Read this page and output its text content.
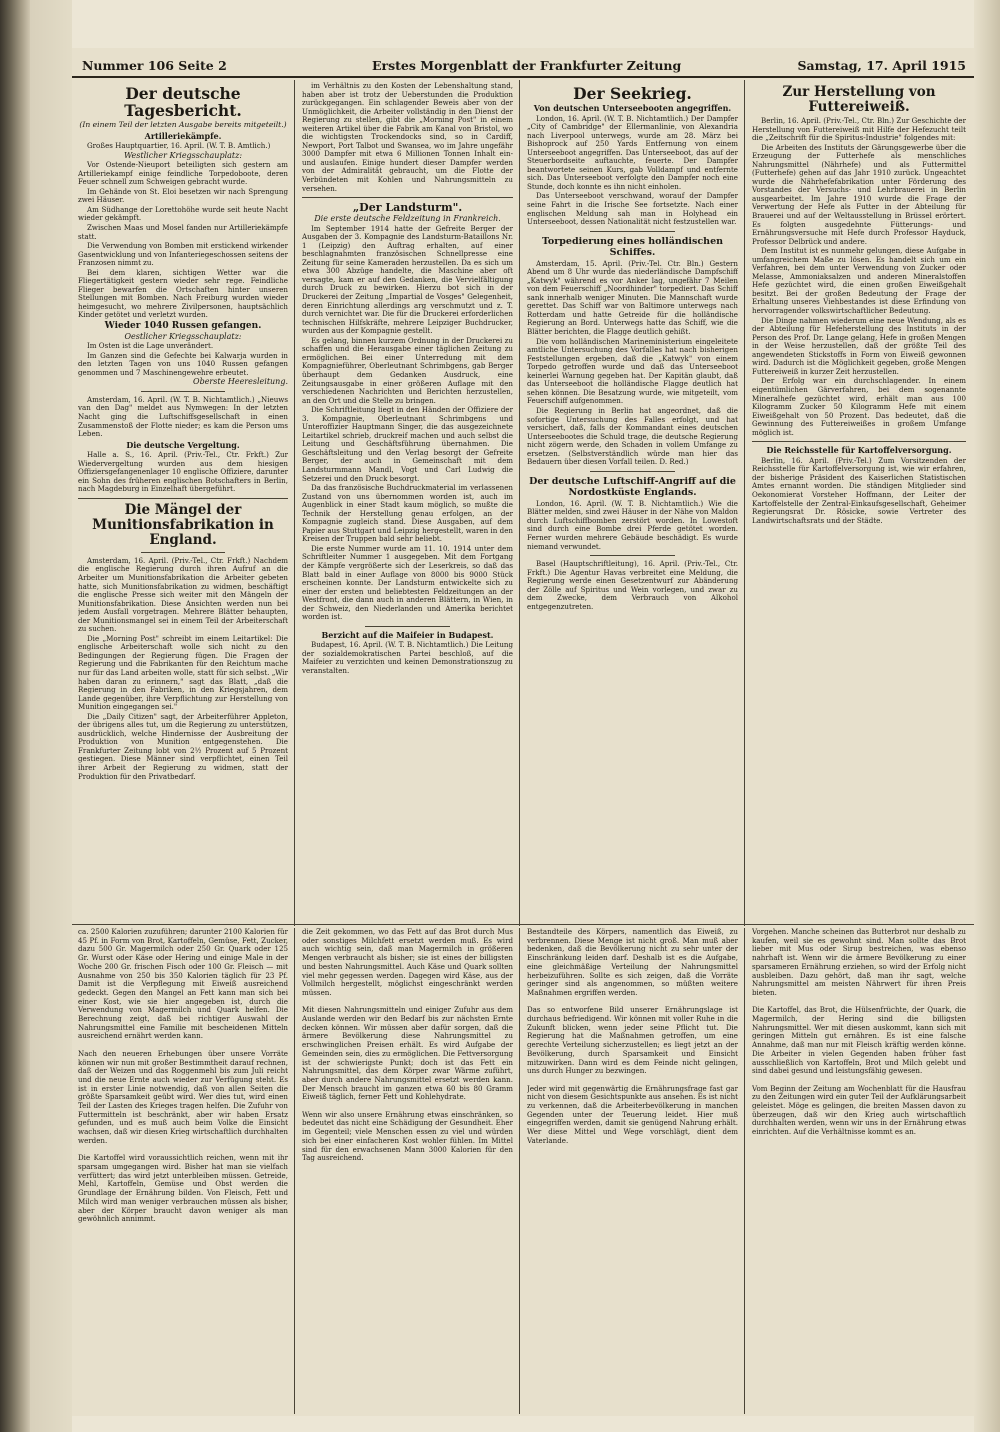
Nummer 106 Seite 2	Erstes Morgenblatt der Frankfurter Zeitung	Samstag, 17. April 1915
Der deutsche Tagesbericht.
(In einem Teil der letzten Ausgabe bereits mitgeteilt.)
Artilleriekämpfe.

Großes Hauptquartier, 16. April. (W. T. B. Amtlich.)

Westlicher Kriegsschauplatz:

Vor Ostende-Nieuport beteiligten sich gestern am Artilleriekampf einige feindliche Torpedoboote, deren Feuer schnell zum Schweigen gebracht wurde.

Im Gehände von St. Eloi besetzen wir nach Sprengung zwei Häuser.

Am Südhange der Lorettohöhe wurde seit heute Nacht wieder gekämpft.

Zwischen Maas und Mosel fanden nur Artilleriekämpfe statt.

Die Verwendung von Bomben mit erstickend wirkender Gasentwicklung und von Infanteriegeschossen seitens der Franzosen nimmt zu.

Bei dem klaren, sichtigen Wetter war die Fliegertätigkeit gestern wieder sehr rege. Feindliche Flieger bewarfen die Ortschaften hinter unseren Stellungen mit Bomben. Nach Freiburg wurden wieder heimgesucht, wo mehrere Zivilpersonen, hauptsächlich Kinder getötet und verletzt wurden.

Wieder 1040 Russen gefangen.
Oestlicher Kriegsschauplatz:

Im Osten ist die Lage unverändert.

Im Ganzen sind die Gefechte bei Kalwarja wurden in den letzten Tagen von uns 1040 Russen gefangen genommen und 7 Maschinengewehre erbeutet.

Oberste Heeresleitung.

Amsterdam, 16. April. (W. T. B. Nichtamtlich.) „Nieuws van den Dag" meldet aus Nymwegen: In der letzten Nacht ging die Luftschiffsgesellschaft in einen Zusammenstoß der Flotte nieder; es kam die Person ums Leben.

Die deutsche Vergeltung.

Halle a. S., 16. April. (Priv.-Tel., Ctr. Frkft.) Zur Wiedervergeltung wurden aus dem hiesigen Offiziersgefangenenlager 10 englische Offiziere, darunter ein Sohn des früheren englischen Botschafters in Berlin, nach Magdeburg in Einzelhaft übergeführt.

Die Mängel der Munitionsfabrikation in England.

Amsterdam, 16. April. (Priv.-Tel., Ctr. Frkft.) Nachdem die englische Regierung durch ihren Aufruf an die Arbeiter um Munitionsfabrikation die Arbeiter gebeten hatte, sich Munitionsfabrikation zu widmen, beschäftigt die englische Presse sich weiter mit den Mängeln der Munitionsfabrikation. Diese Ansichten werden nun bei jedem Ausfall vorgetragen. Mehrere Blätter behaupten, der Munitionsmangel sei in einem Teil der Arbeiterschaft zu suchen.

Die „Morning Post" schreibt im einem Leitartikel: Die englische Arbeiterschaft wolle sich nicht zu den Bedingungen der Regierung fügen. Die Fragen der Regierung und die Fabrikanten für den Reichtum mache nur für das Land arbeiten wolle, statt für sich selbst. „Wir haben daran zu erinnern," sagt das Blatt, „daß die Regierung in den Fabriken, in den Kriegsjahren, dem Lande gegenüber, ihre Verpflichtung zur Herstellung von Munition eingegangen sei."

Die „Daily Citizen" sagt, der Arbeiterführer Appleton, der übrigens alles tut, um die Regierung zu unterstützen, ausdrücklich, welche Hindernisse der Ausbreitung der Produktion von Munition entgegenstehen. Die Frankfurter Zeitung lobt von 2½ Prozent auf 5 Prozent gestiegen. Diese Männer sind verpflichtet, einen Teil ihrer Arbeit der Regierung zu widmen, statt der Produktion für den Privatbedarf.

im Verhältnis zu den Kosten der Lebenshaltung stand, haben aber ist trotz der Ueberstunden die Produktion zurückgegangen. Ein schlagender Beweis aber von der Unmöglichkeit, die Arbeiter vollständig in den Dienst der Regierung zu stellen, gibt die „Morning Post" in einem weiteren Artikel über die Fabrik am Kanal von Bristol, wo die wichtigsten Trockendocks sind, so in Cardiff, Newport, Port Talbot und Swansea, wo im Jahre ungefähr 3000 Dampfer mit etwa 6 Millionen Tonnen Inhalt ein- und auslaufen. Einige hundert dieser Dampfer werden von der Admiralität gebraucht, um die Flotte der Verbündeten mit Kohlen und Nahrungsmitteln zu versehen.

„Der Landsturm".
Die erste deutsche Feldzeitung in Frankreich.

Im September 1914 hatte der Gefreite Berger der Ausgaben der 3. Kompagnie des Landsturm-Bataillons Nr. 1 (Leipzig) den Auftrag erhalten, auf einer beschlagnahmten französischen Schnellpresse eine Zeitung für seine Kameraden herzustellen. Da es sich um etwa 300 Abzüge handelte, die Maschine aber oft versagte, kam er auf den Gedanken, die Vervielfältigung durch Druck zu bewirken. Hierzu bot sich in der Druckerei der Zeitung „Impartial de Vosges" Gelegenheit, deren Einrichtung allerdings arg verschmutzt und z. T. durch vernichtet war. Die für die Druckerei erforderlichen technischen Hilfskräfte, mehrere Leipziger Buchdrucker, wurden aus der Kompagnie gestellt.

Es gelang, binnen kurzem Ordnung in der Druckerei zu schaffen und die Herausgabe einer täglichen Zeitung zu ermöglichen. Bei einer Unterredung mit dem Kompagnieführer, Oberleutnant Schrimbgens, gab Berger überhaupt dem Gedanken Ausdruck, eine Zeitungsausgabe in einer größeren Auflage mit den verschiedenen Nachrichten und Berichten herzustellen, an den Ort und die Stelle zu bringen.

Die Schriftleitung liegt in den Händen der Offiziere der 3. Kompagnie, Oberleutnant Schrimbgens und Unteroffizier Hauptmann Singer, die das ausgezeichnete Leitartikel schrieb, druckreif machen und auch selbst die Leitung und Geschäftsführung übernahmen. Die Geschäftsleitung und den Verlag besorgt der Gefreite Berger, der auch in Gemeinschaft mit dem Landsturmmann Mandl, Vogt und Carl Ludwig die Setzerei und den Druck besorgt.

Da das französische Buchdruckmaterial im verlassenen Zustand von uns übernommen worden ist, auch im Augenblick in einer Stadt kaum möglich, so mußte die Technik der Herstellung genau erfolgen, an der Kompagnie zugleich stand. Diese Ausgaben, auf dem Papier aus Stuttgart und Leipzig hergestellt, waren in den Kreisen der Truppen bald sehr beliebt.

Die erste Nummer wurde am 11. 10. 1914 unter dem Schriftleiter Nummer 1 ausgegeben. Mit dem Fortgang der Kämpfe vergrößerte sich der Leserkreis, so daß das Blatt bald in einer Auflage von 8000 bis 9000 Stück erscheinen konnte. Der Landsturm entwickelte sich zu einer der ersten und beliebtesten Feldzeitungen an der Westfront, die dann auch in anderen Blättern, in Wien, in der Schweiz, den Niederlanden und Amerika berichtet worden ist.

Berzicht auf die Maifeier in Budapest.

Budapest, 16. April. (W. T. B. Nichtamtlich.) Die Leitung der sozialdemokratischen Partei beschloß, auf die Maifeier zu verzichten und keinen Demonstrationszug zu veranstalten.

Der Seekrieg.
Von deutschen Unterseebooten angegriffen.

London, 16. April. (W. T. B. Nichtamtlich.) Der Dampfer „City of Cambridge" der Ellermanlinie, von Alexandria nach Liverpool unterwegs, wurde am 28. März bei Bishoprock auf 250 Yards Entfernung von einem Unterseeboot angegriffen. Das Unterseeboot, das auf der Steuerbordseite auftauchte, feuerte. Der Dampfer beantwortete seinen Kurs, gab Volldampf und entfernte sich. Das Unterseeboot verfolgte den Dampfer noch eine Stunde, doch konnte es ihn nicht einholen.

Das Unterseeboot verschwand, worauf der Dampfer seine Fahrt in die Irische See fortsetzte. Nach einer englischen Meldung sah man in Holyhead ein Unterseeboot, dessen Nationalität nicht festzustellen war.

Torpedierung eines holländischen Schiffes.

Amsterdam, 15. April. (Priv.-Tel. Ctr. Bln.) Gestern Abend um 8 Uhr wurde das niederländische Dampfschiff „Katwyk" während es vor Anker lag, ungefähr 7 Meilen von dem Feuerschiff „Noordhinder" torpediert. Das Schiff sank innerhalb weniger Minuten. Die Mannschaft wurde gerettet. Das Schiff war von Baltimore unterwegs nach Rotterdam und hatte Getreide für die holländische Regierung an Bord. Unterwegs hatte das Schiff, wie die Blätter berichten, die Flagge deutlich gehißt.

Die vom holländischen Marineministerium eingeleitete amtliche Untersuchung des Vorfalles hat nach bisherigen Feststellungen ergeben, daß die „Katwyk" von einem Torpedo getroffen wurde und daß das Unterseeboot keinerlei Warnung gegeben hat. Der Kapitän glaubt, daß das Unterseeboot die holländische Flagge deutlich hat sehen können. Die Besatzung wurde, wie mitgeteilt, vom Feuerschiff aufgenommen.

Die Regierung in Berlin hat angeordnet, daß die sofortige Untersuchung des Falles erfolgt, und hat versichert, daß, falls der Kommandant eines deutschen Unterseebootes die Schuld trage, die deutsche Regierung nicht zögern werde, den Schaden in vollem Umfange zu ersetzen. (Selbstverständlich würde man hier das Bedauern über diesen Vorfall teilen. D. Red.)

Der deutsche Luftschiff-Angriff auf die Nordostküste Englands.

London, 16. April. (W. T. B. Nichtamtlich.) Wie die Blätter melden, sind zwei Häuser in der Nähe von Maldon durch Luftschiffbomben zerstört worden. In Lowestoft sind durch eine Bombe drei Pferde getötet worden. Ferner wurden mehrere Gebäude beschädigt. Es wurde niemand verwundet.

Basel (Hauptschriftleitung), 16. April. (Priv.-Tel., Ctr. Frkft.) Die Agentur Havas verbreitet eine Meldung, die Regierung werde einen Gesetzentwurf zur Abänderung der Zölle auf Spiritus und Wein vorlegen, und zwar zu dem Zwecke, dem Verbrauch von Alkohol entgegenzutreten.

Zur Herstellung von Futtereiweiß.

Berlin, 16. April. (Priv.-Tel., Ctr. Bln.) Zur Geschichte der Herstellung von Futtereiweiß mit Hilfe der Hefezucht teilt die „Zeitschrift für die Spiritus-Industrie" folgendes mit:

Die Arbeiten des Instituts der Gärungsgewerbe über die Erzeugung der Futterhefe als menschliches Nahrungsmittel (Nährhefe) und als Futtermittel (Futterhefe) gehen auf das Jahr 1910 zurück. Ungeachtet wurde die Nährhefefabrikation unter Förderung des Vorstandes der Versuchs- und Lehrbrauerei in Berlin ausgearbeitet. Im Jahre 1910 wurde die Frage der Verwertung der Hefe als Futter in der Abteilung für Brauerei und auf der Weltausstellung in Brüssel erörtert. Es folgten ausgedehnte Fütterungs- und Ernährungsversuche mit Hefe durch Professor Hayduck, Professor Delbrück und andere.

Dem Institut ist es nunmehr gelungen, diese Aufgabe in umfangreichem Maße zu lösen. Es handelt sich um ein Verfahren, bei dem unter Verwendung von Zucker oder Melasse, Ammoniaksalzen und anderen Mineralstoffen Hefe gezüchtet wird, die einen großen Eiweißgehalt besitzt. Bei der großen Bedeutung der Frage der Erhaltung unseres Viehbestandes ist diese Erfindung von hervorragender volkswirtschaftlicher Bedeutung.

Die Dinge nahmen wiederum eine neue Wendung, als es der Abteilung für Hefeherstellung des Instituts in der Person des Prof. Dr. Lange gelang, Hefe in großen Mengen in der Weise herzustellen, daß der größte Teil des angewendeten Stickstoffs in Form von Eiweiß gewonnen wird. Dadurch ist die Möglichkeit gegeben, große Mengen Futtereiweiß in kurzer Zeit herzustellen.

Der Erfolg war ein durchschlagender. In einem eigentümlichen Gärverfahren, bei dem sogenannte Mineralhefe gezüchtet wird, erhält man aus 100 Kilogramm Zucker 50 Kilogramm Hefe mit einem Eiweißgehalt von 50 Prozent. Das bedeutet, daß die Gewinnung des Futtereiweißes in großem Umfange möglich ist.

Die Reichsstelle für Kartoffelversorgung.

Berlin, 16. April. (Priv.-Tel.) Zum Vorsitzenden der Reichsstelle für Kartoffelversorgung ist, wie wir erfahren, der bisherige Präsident des Kaiserlichen Statistischen Amtes ernannt worden. Die ständigen Mitglieder sind Oekonomierat Vorsteher Hoffmann, der Leiter der Kartoffelstelle der Zentral-Einkaufsgesellschaft, Geheimer Regierungsrat Dr. Rösicke, sowie Vertreter des Landwirtschaftsrats und der Städte.

ca. 2500 Kalorien zuzuführen; darunter 2100 Kalorien für 45 Pf. in Form von Brot, Kartoffeln, Gemüse, Fett, Zucker, dazu 500 Gr. Magermilch oder 250 Gr. Quark oder 125 Gr. Wurst oder Käse oder Hering und einige Male in der Woche 200 Gr. frischen Fisch oder 100 Gr. Fleisch — mit Ausnahme von 250 bis 350 Kalorien täglich für 23 Pf. Damit ist die Verpflegung mit Eiweiß ausreichend gedeckt. Gegen den Mangel an Fett kann man sich bei einer Kost, wie sie hier angegeben ist, durch die Verwendung von Magermilch und Quark helfen. Die Berechnung zeigt, daß bei richtiger Auswahl der Nahrungsmittel eine Familie mit bescheidenen Mitteln ausreichend ernährt werden kann.

Nach den neueren Erhebungen über unsere Vorräte können wir nun mit großer Bestimmtheit darauf rechnen, daß der Weizen und das Roggenmehl bis zum Juli reicht und die neue Ernte auch wieder zur Verfügung steht. Es ist in erster Linie notwendig, daß von allen Seiten die größte Sparsamkeit geübt wird. Wer dies tut, wird einen Teil der Lasten des Krieges tragen helfen. Die Zufuhr von Futtermitteln ist beschränkt, aber wir haben Ersatz gefunden, und es muß auch beim Volke die Einsicht wachsen, daß wir diesen Krieg wirtschaftlich durchhalten werden.

Die Kartoffel wird voraussichtlich reichen, wenn mit ihr sparsam umgegangen wird. Bisher hat man sie vielfach verfüttert; das wird jetzt unterbleiben müssen. Getreide, Mehl, Kartoffeln, Gemüse und Obst werden die Grundlage der Ernährung bilden. Von Fleisch, Fett und Milch wird man weniger verbrauchen müssen als bisher, aber der Körper braucht davon weniger als man gewöhnlich annimmt.
die Zeit gekommen, wo das Fett auf das Brot durch Mus oder sonstiges Milchfett ersetzt werden muß. Es wird auch wichtig sein, daß man Magermilch in größeren Mengen verbraucht als bisher; sie ist eines der billigsten und besten Nahrungsmittel. Auch Käse und Quark sollten viel mehr gegessen werden. Dagegen wird Käse, aus der Vollmilch hergestellt, möglichst eingeschränkt werden müssen.

Mit diesen Nahrungsmitteln und einiger Zufuhr aus dem Auslande werden wir den Bedarf bis zur nächsten Ernte decken können. Wir müssen aber dafür sorgen, daß die ärmere Bevölkerung diese Nahrungsmittel zu erschwinglichen Preisen erhält. Es wird Aufgabe der Gemeinden sein, dies zu ermöglichen. Die Fettversorgung ist der schwierigste Punkt; doch ist das Fett ein Nahrungsmittel, das dem Körper zwar Wärme zuführt, aber durch andere Nahrungsmittel ersetzt werden kann. Der Mensch braucht im ganzen etwa 60 bis 80 Gramm Eiweiß täglich, ferner Fett und Kohlehydrate.

Wenn wir also unsere Ernährung etwas einschränken, so bedeutet das nicht eine Schädigung der Gesundheit. Eher im Gegenteil; viele Menschen essen zu viel und würden sich bei einer einfacheren Kost wohler fühlen. Im Mittel sind für den erwachsenen Mann 3000 Kalorien für den Tag ausreichend.
Bestandteile des Körpers, namentlich das Eiweiß, zu verbrennen. Diese Menge ist nicht groß. Man muß aber bedenken, daß die Bevölkerung nicht zu sehr unter der Einschränkung leiden darf. Deshalb ist es die Aufgabe, eine gleichmäßige Verteilung der Nahrungsmittel herbeizuführen. Sollte es sich zeigen, daß die Vorräte geringer sind als angenommen, so müßten weitere Maßnahmen ergriffen werden.

Das so entworfene Bild unserer Ernährungslage ist durchaus befriedigend. Wir können mit voller Ruhe in die Zukunft blicken, wenn jeder seine Pflicht tut. Die Regierung hat die Maßnahmen getroffen, um eine gerechte Verteilung sicherzustellen; es liegt jetzt an der Bevölkerung, durch Sparsamkeit und Einsicht mitzuwirken. Dann wird es dem Feinde nicht gelingen, uns durch Hunger zu bezwingen.

Jeder wird mit gegenwärtig die Ernährungsfrage fast gar nicht von diesem Gesichtspunkte aus ansehen. Es ist nicht zu verkennen, daß die Arbeiterbevölkerung in manchen Gegenden unter der Teuerung leidet. Hier muß eingegriffen werden, damit sie genügend Nahrung erhält. Wer diese Mittel und Wege vorschlägt, dient dem Vaterlande.
Vorgehen. Manche scheinen das Butterbrot nur deshalb zu kaufen, weil sie es gewohnt sind. Man sollte das Brot lieber mit Mus oder Sirup bestreichen, was ebenso nahrhaft ist. Wenn wir die ärmere Bevölkerung zu einer sparsameren Ernährung erziehen, so wird der Erfolg nicht ausbleiben. Dazu gehört, daß man ihr sagt, welche Nahrungsmittel am meisten Nährwert für ihren Preis bieten.

Die Kartoffel, das Brot, die Hülsenfrüchte, der Quark, die Magermilch, der Hering sind die billigsten Nahrungsmittel. Wer mit diesen auskommt, kann sich mit geringen Mitteln gut ernähren. Es ist eine falsche Annahme, daß man nur mit Fleisch kräftig werden könne. Die Arbeiter in vielen Gegenden haben früher fast ausschließlich von Kartoffeln, Brot und Milch gelebt und sind dabei gesund und leistungsfähig gewesen.

Vom Beginn der Zeitung am Wochenblatt für die Hausfrau zu den Zeitungen wird ein guter Teil der Aufklärungsarbeit geleistet. Möge es gelingen, die breiten Massen davon zu überzeugen, daß wir den Krieg auch wirtschaftlich durchhalten werden, wenn wir uns in der Ernährung etwas einrichten. Auf die Verhältnisse kommt es an.
